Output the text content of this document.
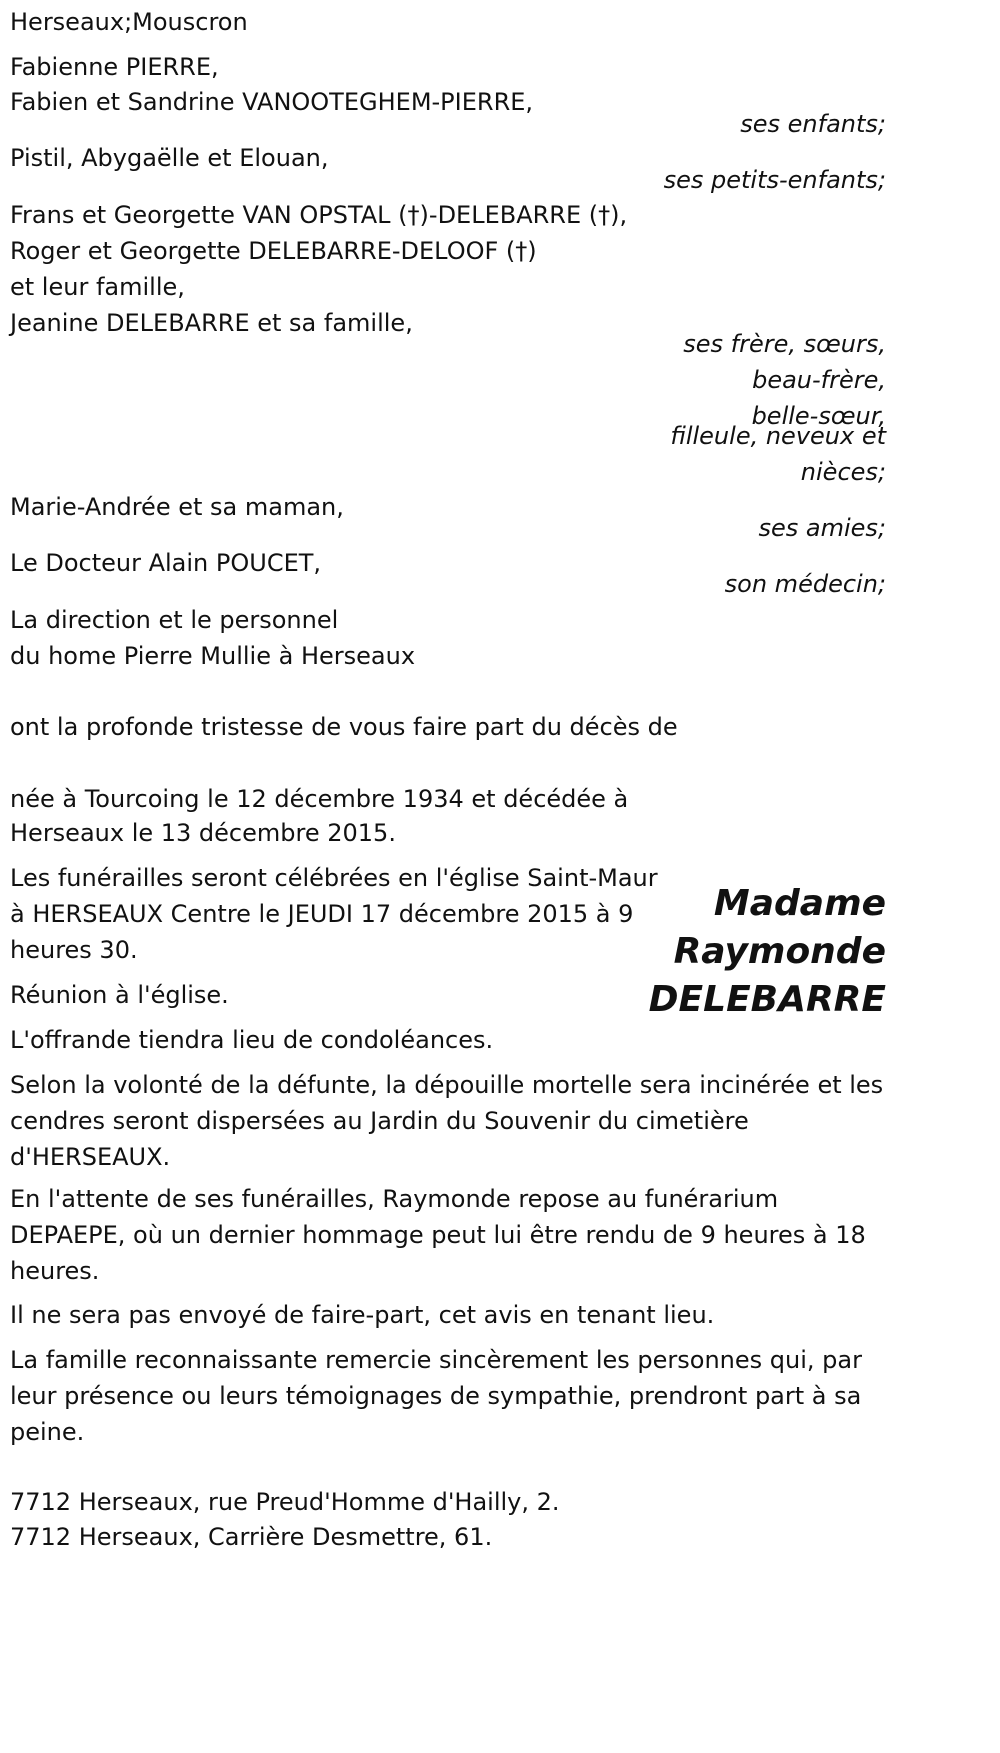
Herseaux;Mouscron
Fabienne PIERRE,
Fabien et Sandrine VANOOTEGHEM-PIERRE,
ses enfants;
Pistil, Abygaëlle et Elouan,
ses petits-enfants;
Frans et Georgette VAN OPSTAL (†)-DELEBARRE (†),
Roger et Georgette DELEBARRE-DELOOF (†)
et leur famille,
Jeanine DELEBARRE et sa famille,
ses frère, sœurs,
beau-frère,
belle-sœur,
filleule, neveux et
nièces;
Marie-Andrée et sa maman,
ses amies;
Le Docteur Alain POUCET,
son médecin;
La direction et le personnel
du home Pierre Mullie à Herseaux
ont la profonde tristesse de vous faire part du décès de
Madame
Raymonde
DELEBARRE
née à Tourcoing le 12 décembre 1934 et décédée à
Herseaux le 13 décembre 2015.
Les funérailles seront célébrées en l'église Saint-Maur
à HERSEAUX Centre le JEUDI 17 décembre 2015 à 9
heures 30.
Réunion à l'église.
L'offrande tiendra lieu de condoléances.
Selon la volonté de la défunte, la dépouille mortelle sera incinérée et les cendres seront dispersées au Jardin du Souvenir du cimetière d'HERSEAUX.
En l'attente de ses funérailles, Raymonde repose au funérarium DEPAEPE, où un dernier hommage peut lui être rendu de 9 heures à 18 heures.
Il ne sera pas envoyé de faire-part, cet avis en tenant lieu.
La famille reconnaissante remercie sincèrement les personnes qui, par leur présence ou leurs témoignages de sympathie, prendront part à sa peine.
7712 Herseaux, rue Preud'Homme d'Hailly, 2.
7712 Herseaux, Carrière Desmettre, 61.
